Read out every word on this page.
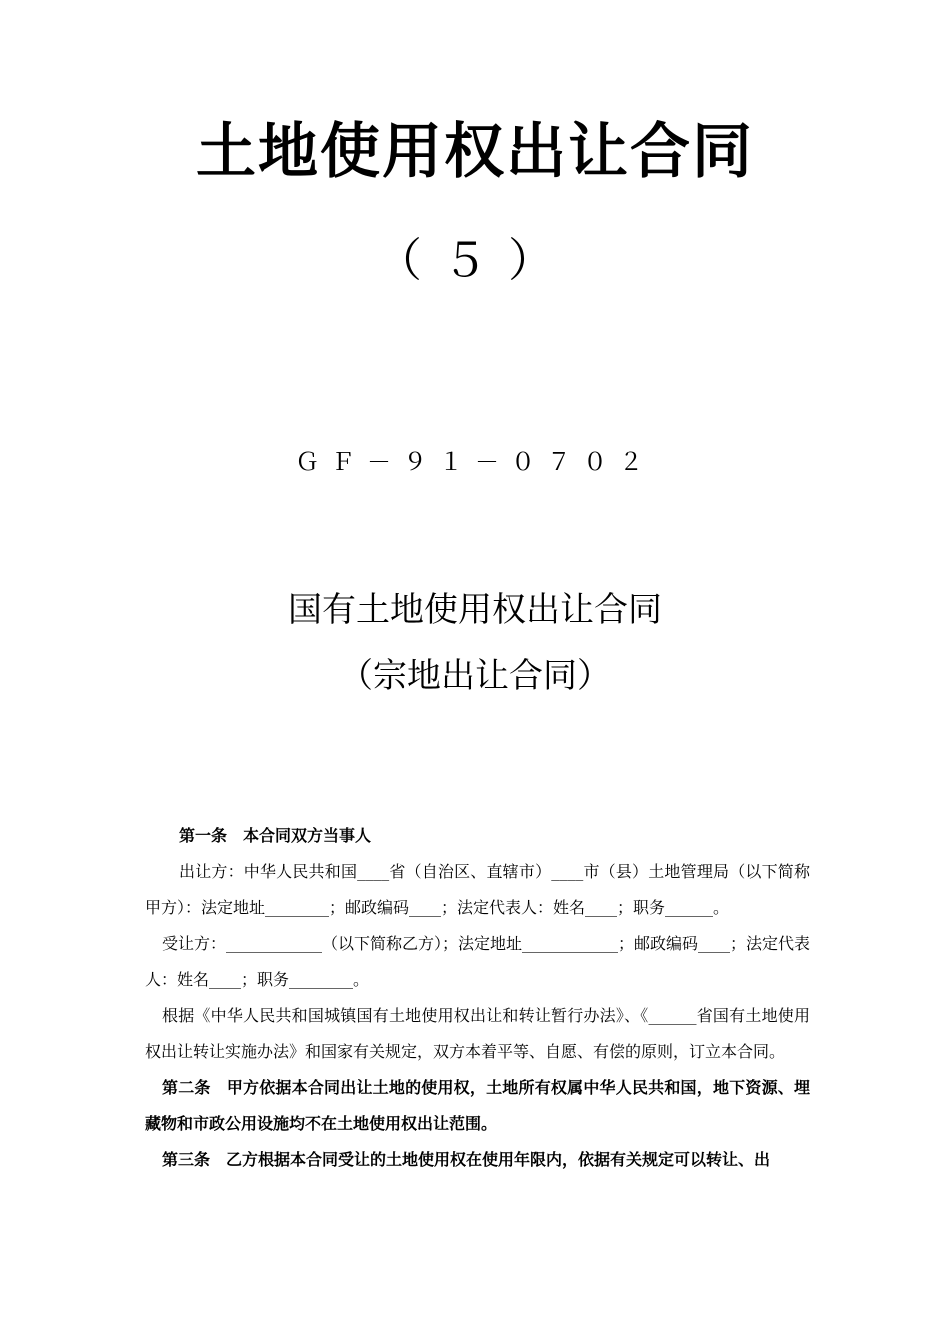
土地使用权出让合同
（５）
ＧＦ－９１－０７０２
国有土地使用权出让合同
（宗地出让合同）

第一条　本合同双方当事人

出让方：中华人民共和国____省（自治区、直辖市）____市（县）土地管理局（以下简称甲方）：法定地址________；邮政编码____；法定代表人：姓名____；职务______。

受让方：____________（以下简称乙方）；法定地址____________；邮政编码____；法定代表人：姓名____；职务________。

根据《中华人民共和国城镇国有土地使用权出让和转让暂行办法》、《______省国有土地使用权出让转让实施办法》和国家有关规定，双方本着平等、自愿、有偿的原则，订立本合同。

第二条　甲方依据本合同出让土地的使用权，土地所有权属中华人民共和国，地下资源、埋藏物和市政公用设施均不在土地使用权出让范围。

第三条　乙方根据本合同受让的土地使用权在使用年限内，依据有关规定可以转让、出
